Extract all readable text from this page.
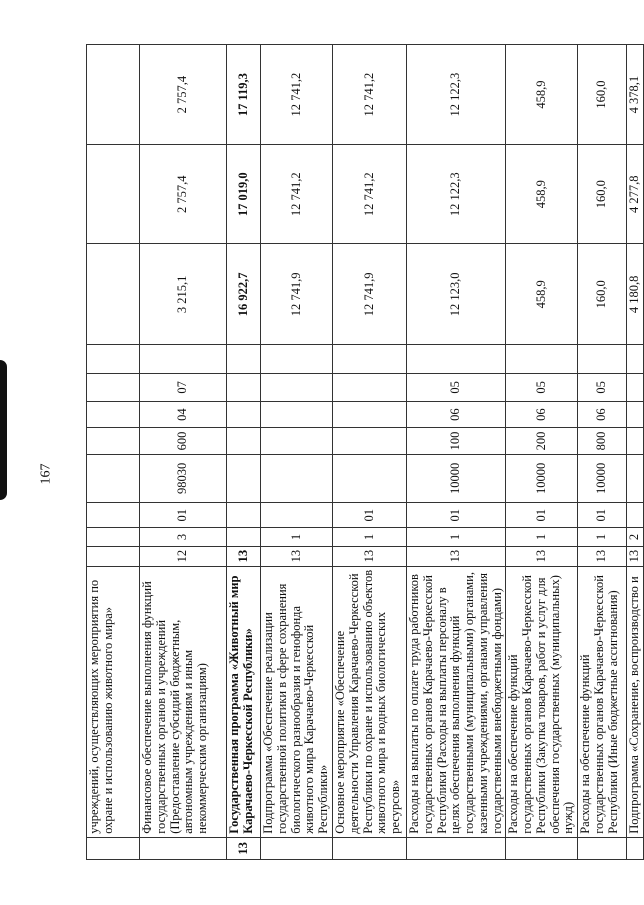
167
	учреждений, осуществляющих мероприятия по охране и использованию животного мира»											
	Финансовое обеспечение выполнения функций государственных органов и учреждений (Предоставление субсидий бюджетным, автономным учреждениям и иным некоммерческим организациям)	12	3	01	98030	600	04	07		3 215,1	2 757,4	2 757,4
13	Государственная программа «Животный мир Карачаево-Черкесской Республики»	13								16 922,7	17 019,0	17 119,3
	Подпрограмма «Обеспечение реализации государственной политики в сфере сохранения биологического разнообразия и генофонда животного мира Карачаево-Черкесской Республики»	13	1							12 741,9	12 741,2	12 741,2
	Основное мероприятие «Обеспечение деятельности Управления Карачаево-Черкесской Республики по охране и использованию объектов животного мира и водных биологических ресурсов»	13	1	01						12 741,9	12 741,2	12 741,2
	Расходы на выплаты по оплате труда работников государственных органов Карачаево-Черкесской Республики (Расходы на выплаты персоналу в целях обеспечения выполнения функций государственными (муниципальными) органами, казенными учреждениями, органами управления государственными внебюджетными фондами)	13	1	01	10000	100	06	05		12 123,0	12 122,3	12 122,3
	Расходы на обеспечение функций государственных органов Карачаево-Черкесской Республики (Закупка товаров, работ и услуг для обеспечения государственных (муниципальных) нужд)	13	1	01	10000	200	06	05		458,9	458,9	458,9
	Расходы на обеспечение функций государственных органов Карачаево-Черкесской Республики (Иные бюджетные ассигнования)	13	1	01	10000	800	06	05		160,0	160,0	160,0
	Подпрограмма «Сохранение, воспроизводство и	13	2							4 180,8	4 277,8	4 378,1
